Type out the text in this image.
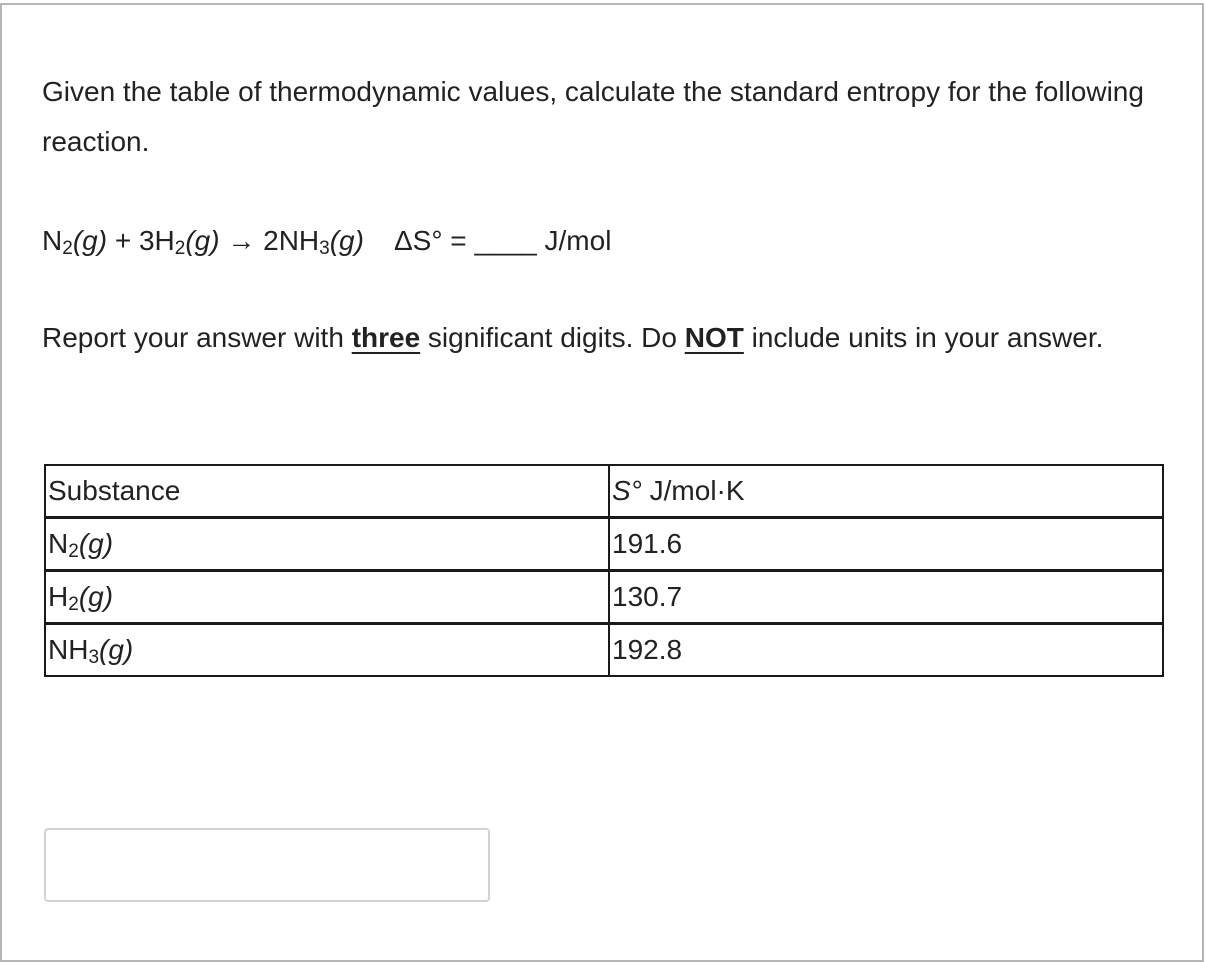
Given the table of thermodynamic values, calculate the standard entropy for the following reaction.
$N_2(g) + 3H_2(g) \to 2NH_3(g) \Delta S^\circ$ = ____ J/mol
Report your answer with three significant digits. Do NOT include units in your answer.
Substance	S° J/mol·K
$N_2(g)$	191.6
$H_2(g)$	130.7
$NH_3(g)$	192.8
